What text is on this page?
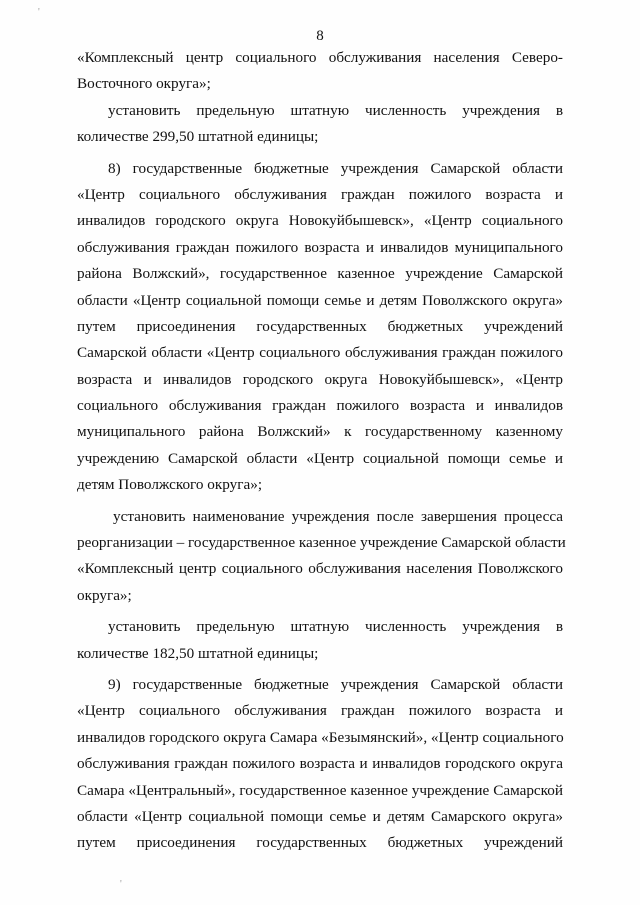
'
8
«Комплексный центр социального обслуживания населения Северо-
Восточного округа»;
установить предельную штатную численность учреждения в
количестве 299,50 штатной единицы;
8) государственные бюджетные учреждения Самарской области
«Центр социального обслуживания граждан пожилого возраста и
инвалидов городского округа Новокуйбышевск», «Центр социального
обслуживания граждан пожилого возраста и инвалидов муниципального
района Волжский», государственное казенное учреждение Самарской
области «Центр социальной помощи семье и детям Поволжского округа»
путем присоединения государственных бюджетных учреждений
Самарской области «Центр социального обслуживания граждан пожилого
возраста и инвалидов городского округа Новокуйбышевск», «Центр
социального обслуживания граждан пожилого возраста и инвалидов
муниципального района Волжский» к государственному казенному
учреждению Самарской области «Центр социальной помощи семье и
детям Поволжского округа»;
установить наименование учреждения после завершения процесса
реорганизации – государственное казенное учреждение Самарской области
«Комплексный центр социального обслуживания населения Поволжского
округа»;
установить предельную штатную численность учреждения в
количестве 182,50 штатной единицы;
9) государственные бюджетные учреждения Самарской области
«Центр социального обслуживания граждан пожилого возраста и
инвалидов городского округа Самара «Безымянский», «Центр социального
обслуживания граждан пожилого возраста и инвалидов городского округа
Самара «Центральный», государственное казенное учреждение Самарской
области «Центр социальной помощи семье и детям Самарского округа»
путем присоединения государственных бюджетных учреждений
'
